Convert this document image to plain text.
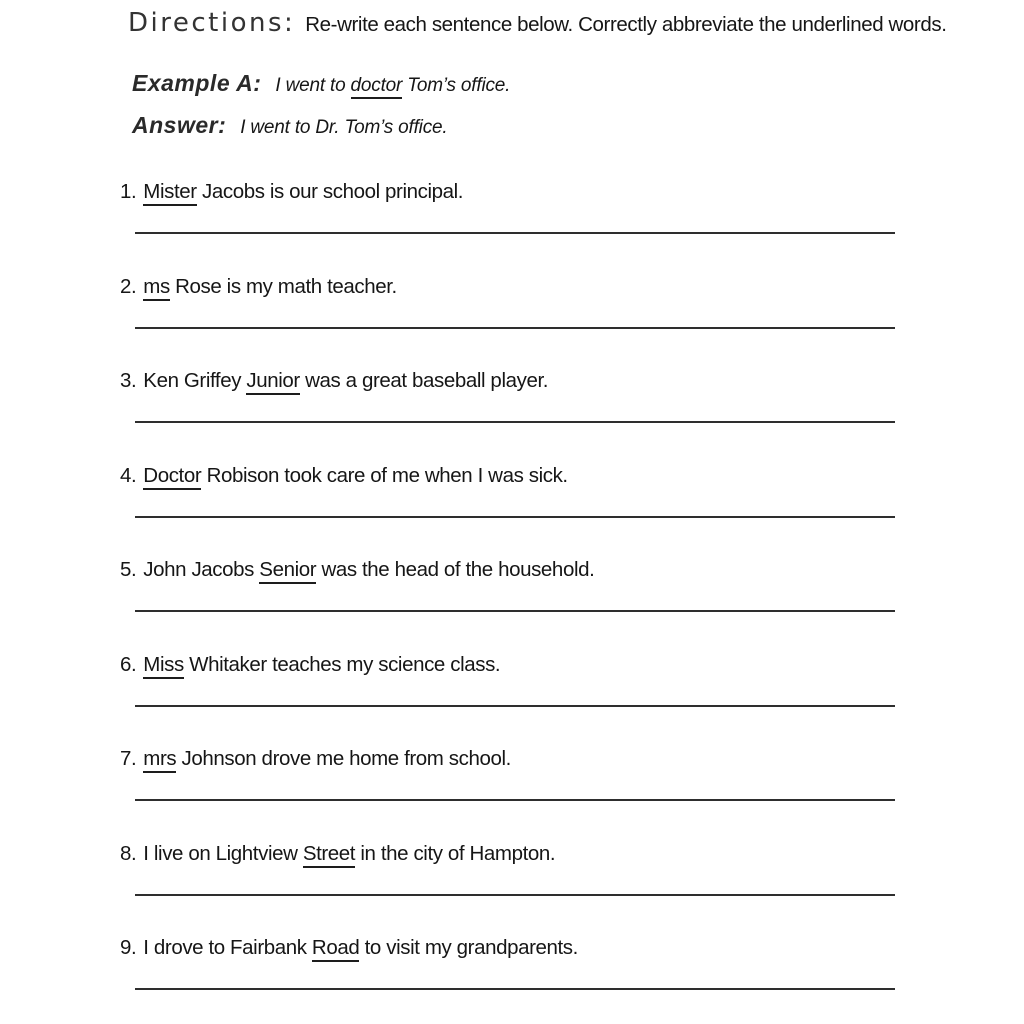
Directions: Re-write each sentence below. Correctly abbreviate the underlined words.
Example A: I went to doctor Tom’s office.
Answer: I went to Dr. Tom’s office.
1. Mister Jacobs is our school principal.
2. ms Rose is my math teacher.
3. Ken Griffey Junior was a great baseball player.
4. Doctor Robison took care of me when I was sick.
5. John Jacobs Senior was the head of the household.
6. Miss Whitaker teaches my science class.
7. mrs Johnson drove me home from school.
8. I live on Lightview Street in the city of Hampton.
9. I drove to Fairbank Road to visit my grandparents.
